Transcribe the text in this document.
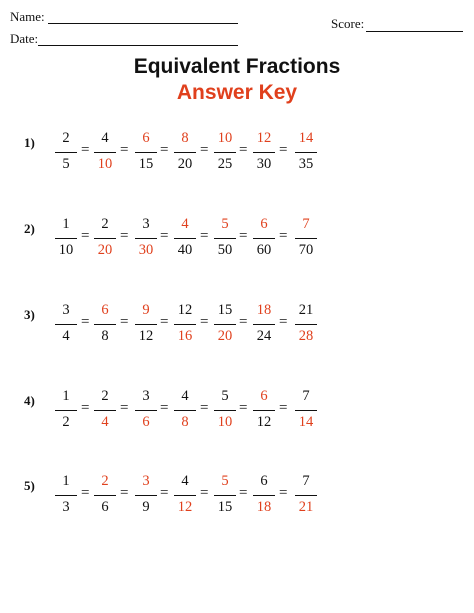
Name:
Date:
Score:
Equivalent Fractions
Answer Key
1)	2
5
=
4
10
=
6
15
=
8
20
=
10
25
=
12
30
=
14
35
2)	1
10
=
2
20
=
3
30
=
4
40
=
5
50
=
6
60
=
7
70
3)	3
4
=
6
8
=
9
12
=
12
16
=
15
20
=
18
24
=
21
28
4)	1
2
=
2
4
=
3
6
=
4
8
=
5
10
=
6
12
=
7
14
5)	1
3
=
2
6
=
3
9
=
4
12
=
5
15
=
6
18
=
7
21
